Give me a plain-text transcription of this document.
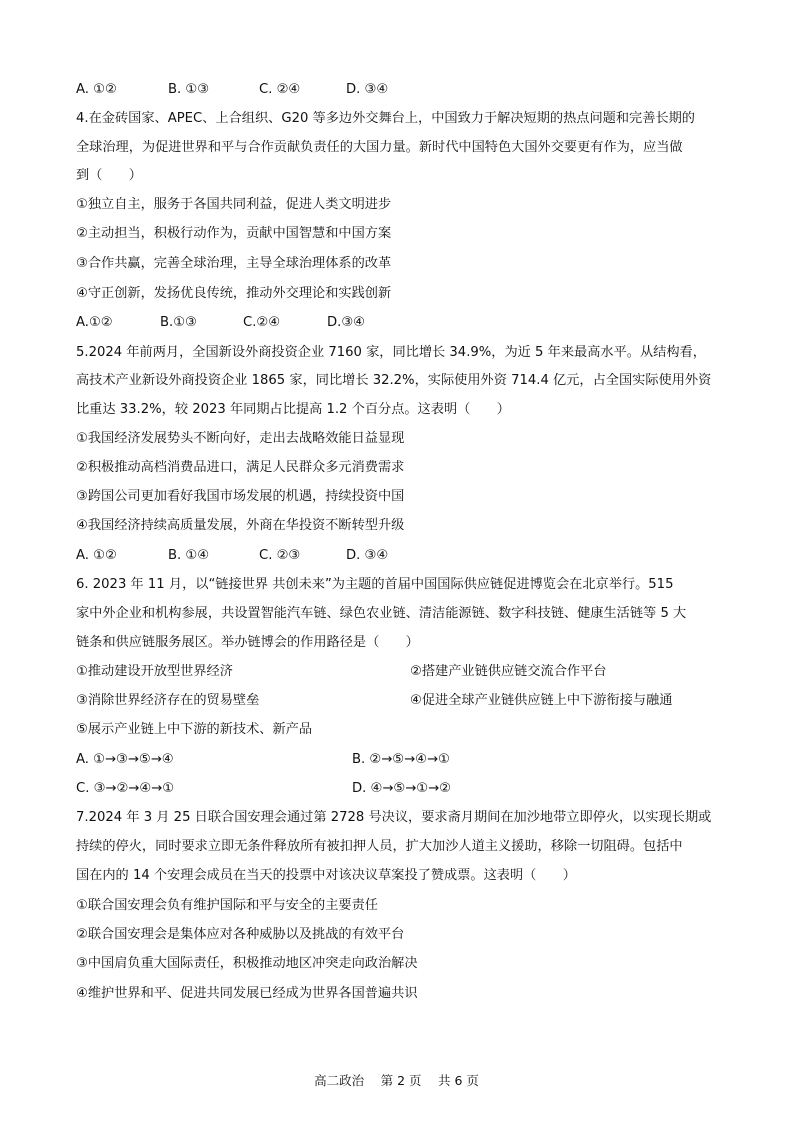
A. ①②	B. ①③	C. ②④	D. ③④
4.在金砖国家、APEC、上合组织、G20 等多边外交舞台上，中国致力于解决短期的热点问题和完善长期的
全球治理，为促进世界和平与合作贡献负责任的大国力量。新时代中国特色大国外交要更有作为，应当做
到（　　）
①独立自主，服务于各国共同利益，促进人类文明进步
②主动担当，积极行动作为，贡献中国智慧和中国方案
③合作共赢，完善全球治理，主导全球治理体系的改革
④守正创新，发扬优良传统，推动外交理论和实践创新
A.①②	B.①③	C.②④	D.③④
5.2024 年前两月，全国新设外商投资企业 7160 家，同比增长 34.9%，为近 5 年来最高水平。从结构看，
高技术产业新设外商投资企业 1865 家，同比增长 32.2%，实际使用外资 714.4 亿元，占全国实际使用外资
比重达 33.2%，较 2023 年同期占比提高 1.2 个百分点。这表明（　　）
①我国经济发展势头不断向好，走出去战略效能日益显现
②积极推动高档消费品进口，满足人民群众多元消费需求
③跨国公司更加看好我国市场发展的机遇，持续投资中国
④我国经济持续高质量发展，外商在华投资不断转型升级
A. ①②	B. ①④	C. ②③	D. ③④
6. 2023 年 11 月，以“链接世界 共创未来”为主题的首届中国国际供应链促进博览会在北京举行。515
家中外企业和机构参展，共设置智能汽车链、绿色农业链、清洁能源链、数字科技链、健康生活链等 5 大
链条和供应链服务展区。举办链博会的作用路径是（　　）
①推动建设开放型世界经济	②搭建产业链供应链交流合作平台
③消除世界经济存在的贸易壁垒	④促进全球产业链供应链上中下游衔接与融通
⑤展示产业链上中下游的新技术、新产品
A. ①→③→⑤→④	B. ②→⑤→④→①
C. ③→②→④→①	D. ④→⑤→①→②
7.2024 年 3 月 25 日联合国安理会通过第 2728 号决议，要求斋月期间在加沙地带立即停火，以实现长期或
持续的停火，同时要求立即无条件释放所有被扣押人员，扩大加沙人道主义援助，移除一切阻碍。包括中
国在内的 14 个安理会成员在当天的投票中对该决议草案投了赞成票。这表明（　　）
①联合国安理会负有维护国际和平与安全的主要责任
②联合国安理会是集体应对各种威胁以及挑战的有效平台
③中国肩负重大国际责任，积极推动地区冲突走向政治解决
④维护世界和平、促进共同发展已经成为世界各国普遍共识
高二政治　 第 2 页　 共 6 页
